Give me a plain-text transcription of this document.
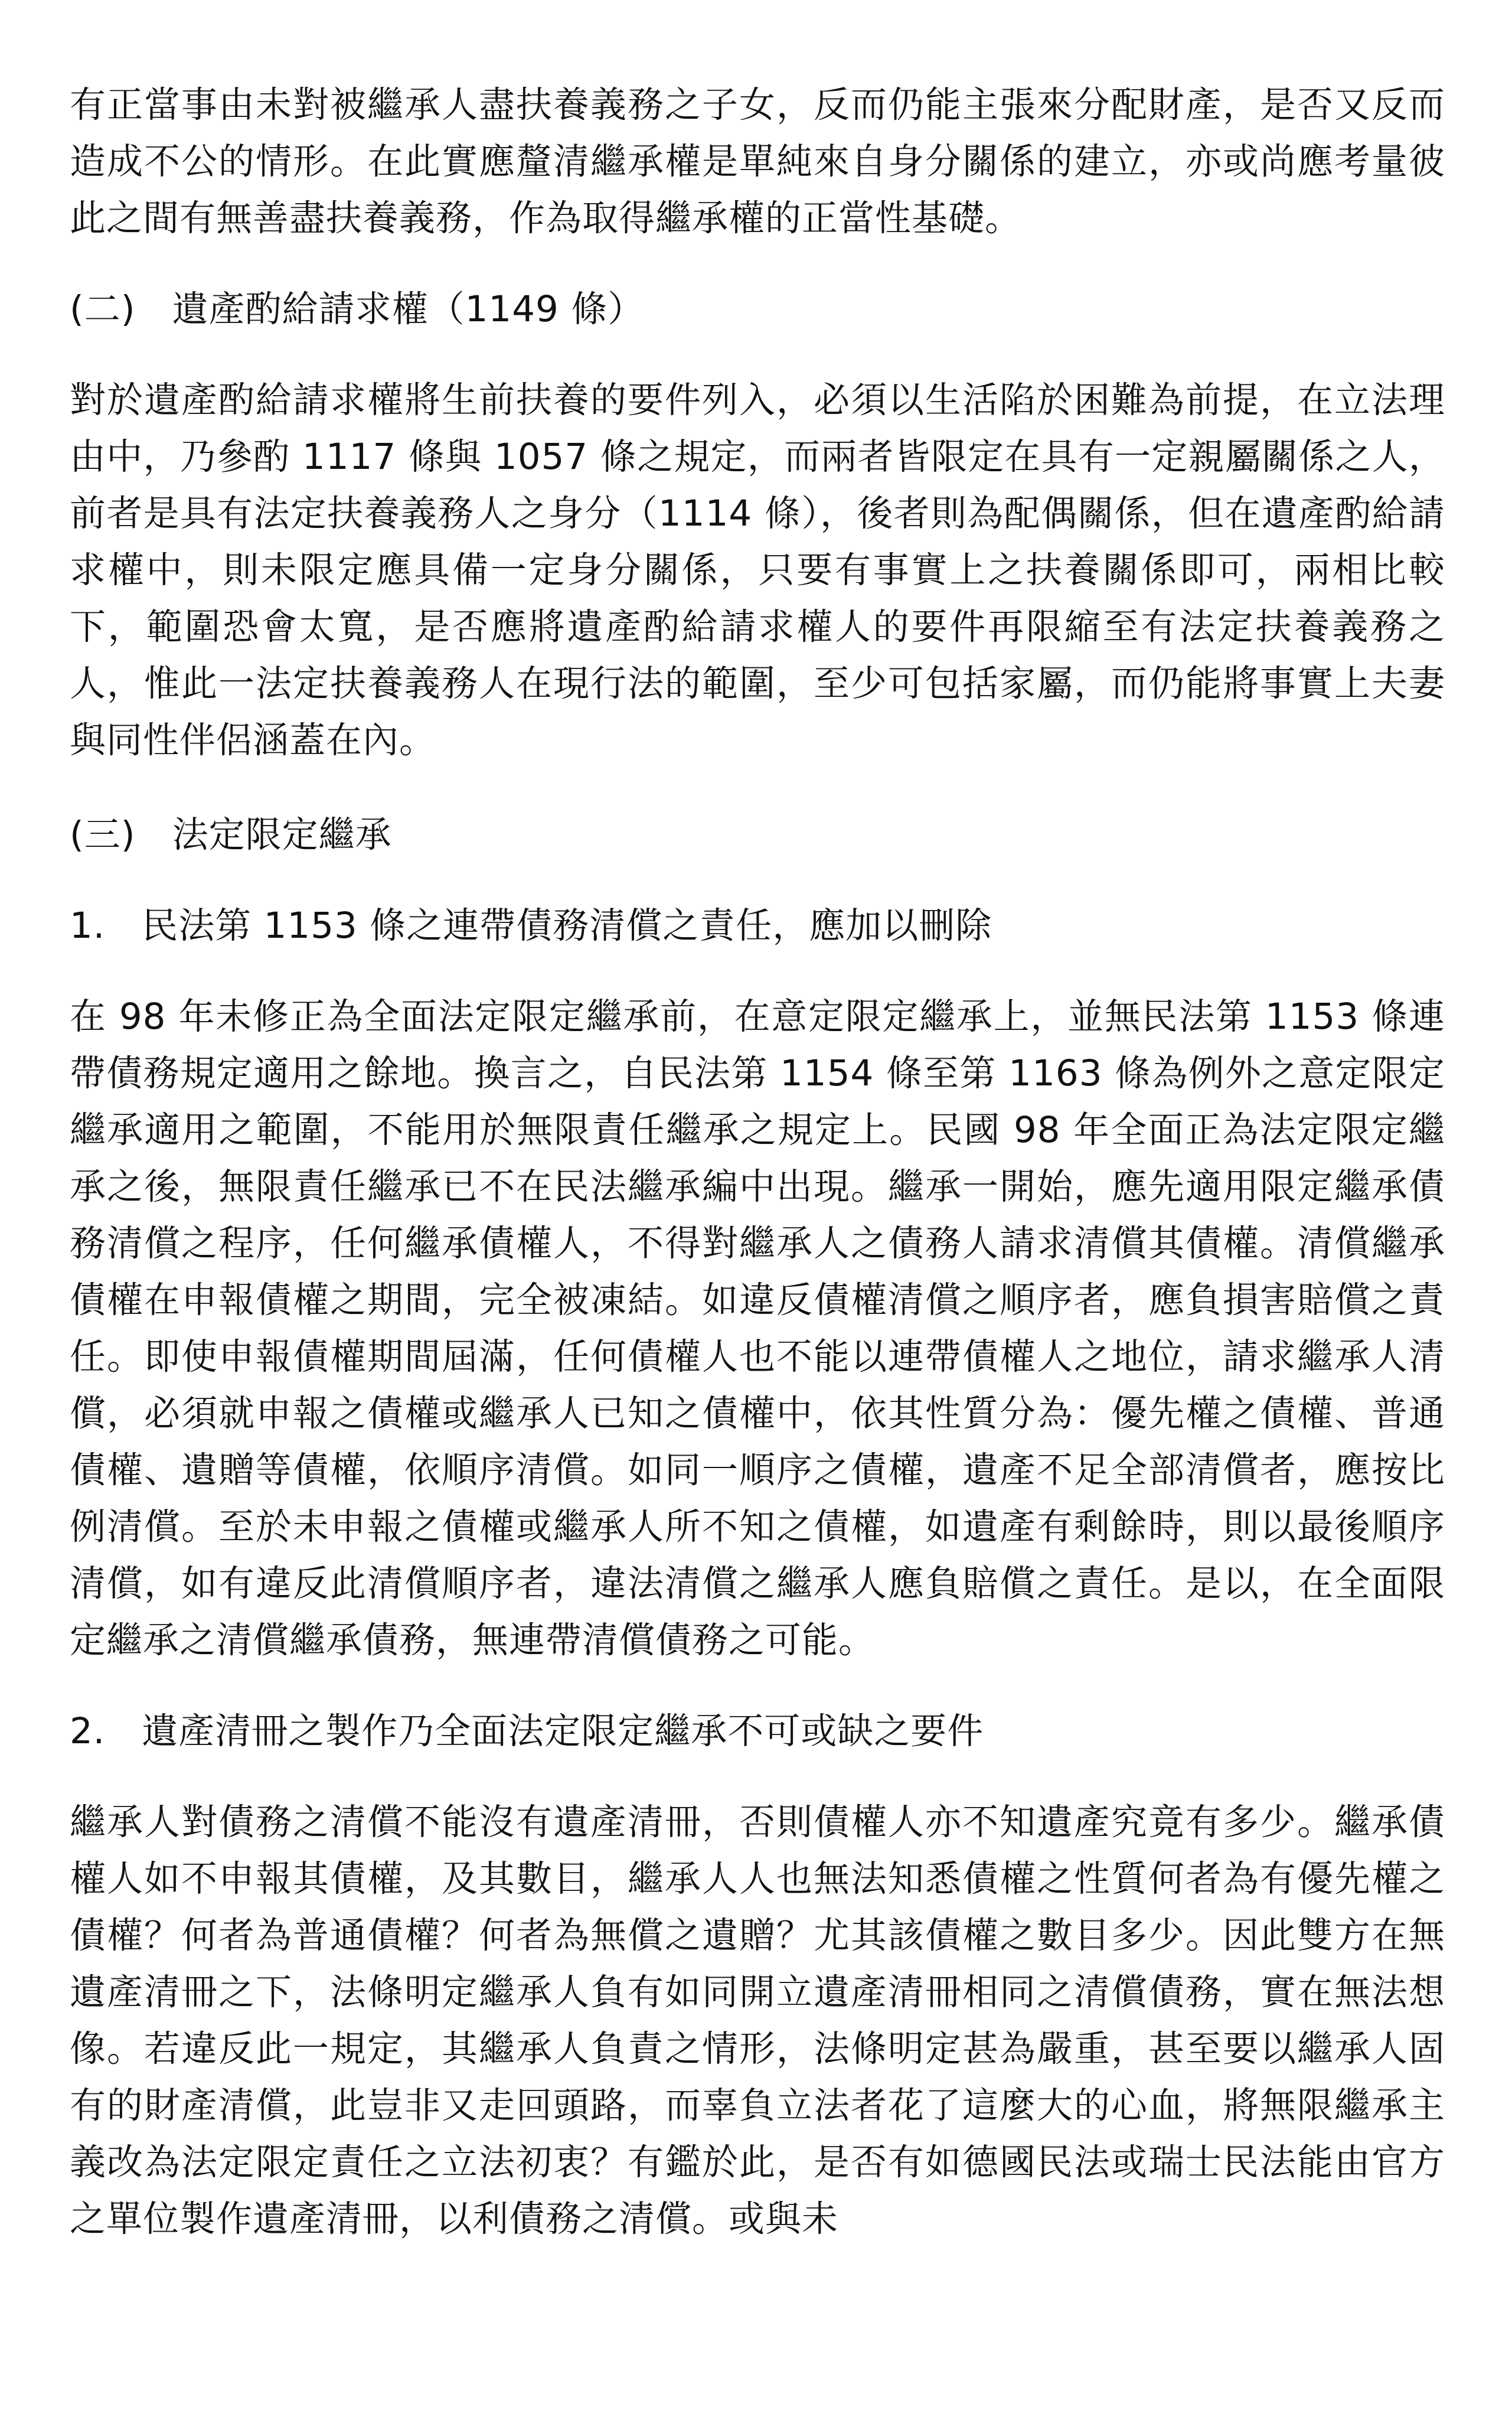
有正當事由未對被繼承人盡扶養義務之子女，反而仍能主張來分配財產，是否又反而造成不公的情形。在此實應釐清繼承權是單純來自身分關係的建立，亦或尚應考量彼此之間有無善盡扶養義務，作為取得繼承權的正當性基礎。

(二)　遺產酌給請求權（1149 條）

對於遺產酌給請求權將生前扶養的要件列入，必須以生活陷於困難為前提，在立法理由中，乃參酌 1117 條與 1057 條之規定，而兩者皆限定在具有一定親屬關係之人，前者是具有法定扶養義務人之身分（1114 條），後者則為配偶關係，但在遺產酌給請求權中，則未限定應具備一定身分關係，只要有事實上之扶養關係即可，兩相比較下，範圍恐會太寬，是否應將遺產酌給請求權人的要件再限縮至有法定扶養義務之人，惟此一法定扶養義務人在現行法的範圍，至少可包括家屬，而仍能將事實上夫妻與同性伴侶涵蓋在內。

(三)　法定限定繼承

1.　民法第 1153 條之連帶債務清償之責任，應加以刪除

在 98 年未修正為全面法定限定繼承前，在意定限定繼承上，並無民法第 1153 條連帶債務規定適用之餘地。換言之，自民法第 1154 條至第 1163 條為例外之意定限定繼承適用之範圍，不能用於無限責任繼承之規定上。民國 98 年全面正為法定限定繼承之後，無限責任繼承已不在民法繼承編中出現。繼承一開始，應先適用限定繼承債務清償之程序，任何繼承債權人，不得對繼承人之債務人請求清償其債權。清償繼承債權在申報債權之期間，完全被凍結。如違反債權清償之順序者，應負損害賠償之責任。即使申報債權期間屆滿，任何債權人也不能以連帶債權人之地位，請求繼承人清償，必須就申報之債權或繼承人已知之債權中，依其性質分為：優先權之債權、普通債權、遺贈等債權，依順序清償。如同一順序之債權，遺產不足全部清償者，應按比例清償。至於未申報之債權或繼承人所不知之債權，如遺產有剩餘時，則以最後順序清償，如有違反此清償順序者，違法清償之繼承人應負賠償之責任。是以，在全面限定繼承之清償繼承債務，無連帶清償債務之可能。

2.　遺產清冊之製作乃全面法定限定繼承不可或缺之要件

繼承人對債務之清償不能沒有遺產清冊，否則債權人亦不知遺產究竟有多少。繼承債權人如不申報其債權，及其數目，繼承人人也無法知悉債權之性質何者為有優先權之債權？何者為普通債權？何者為無償之遺贈？尤其該債權之數目多少。因此雙方在無遺產清冊之下，法條明定繼承人負有如同開立遺產清冊相同之清償債務，實在無法想像。若違反此一規定，其繼承人負責之情形，法條明定甚為嚴重，甚至要以繼承人固有的財產清償，此豈非又走回頭路，而辜負立法者花了這麼大的心血，將無限繼承主義改為法定限定責任之立法初衷？有鑑於此，是否有如德國民法或瑞士民法能由官方之單位製作遺產清冊，以利債務之清償。或與未
